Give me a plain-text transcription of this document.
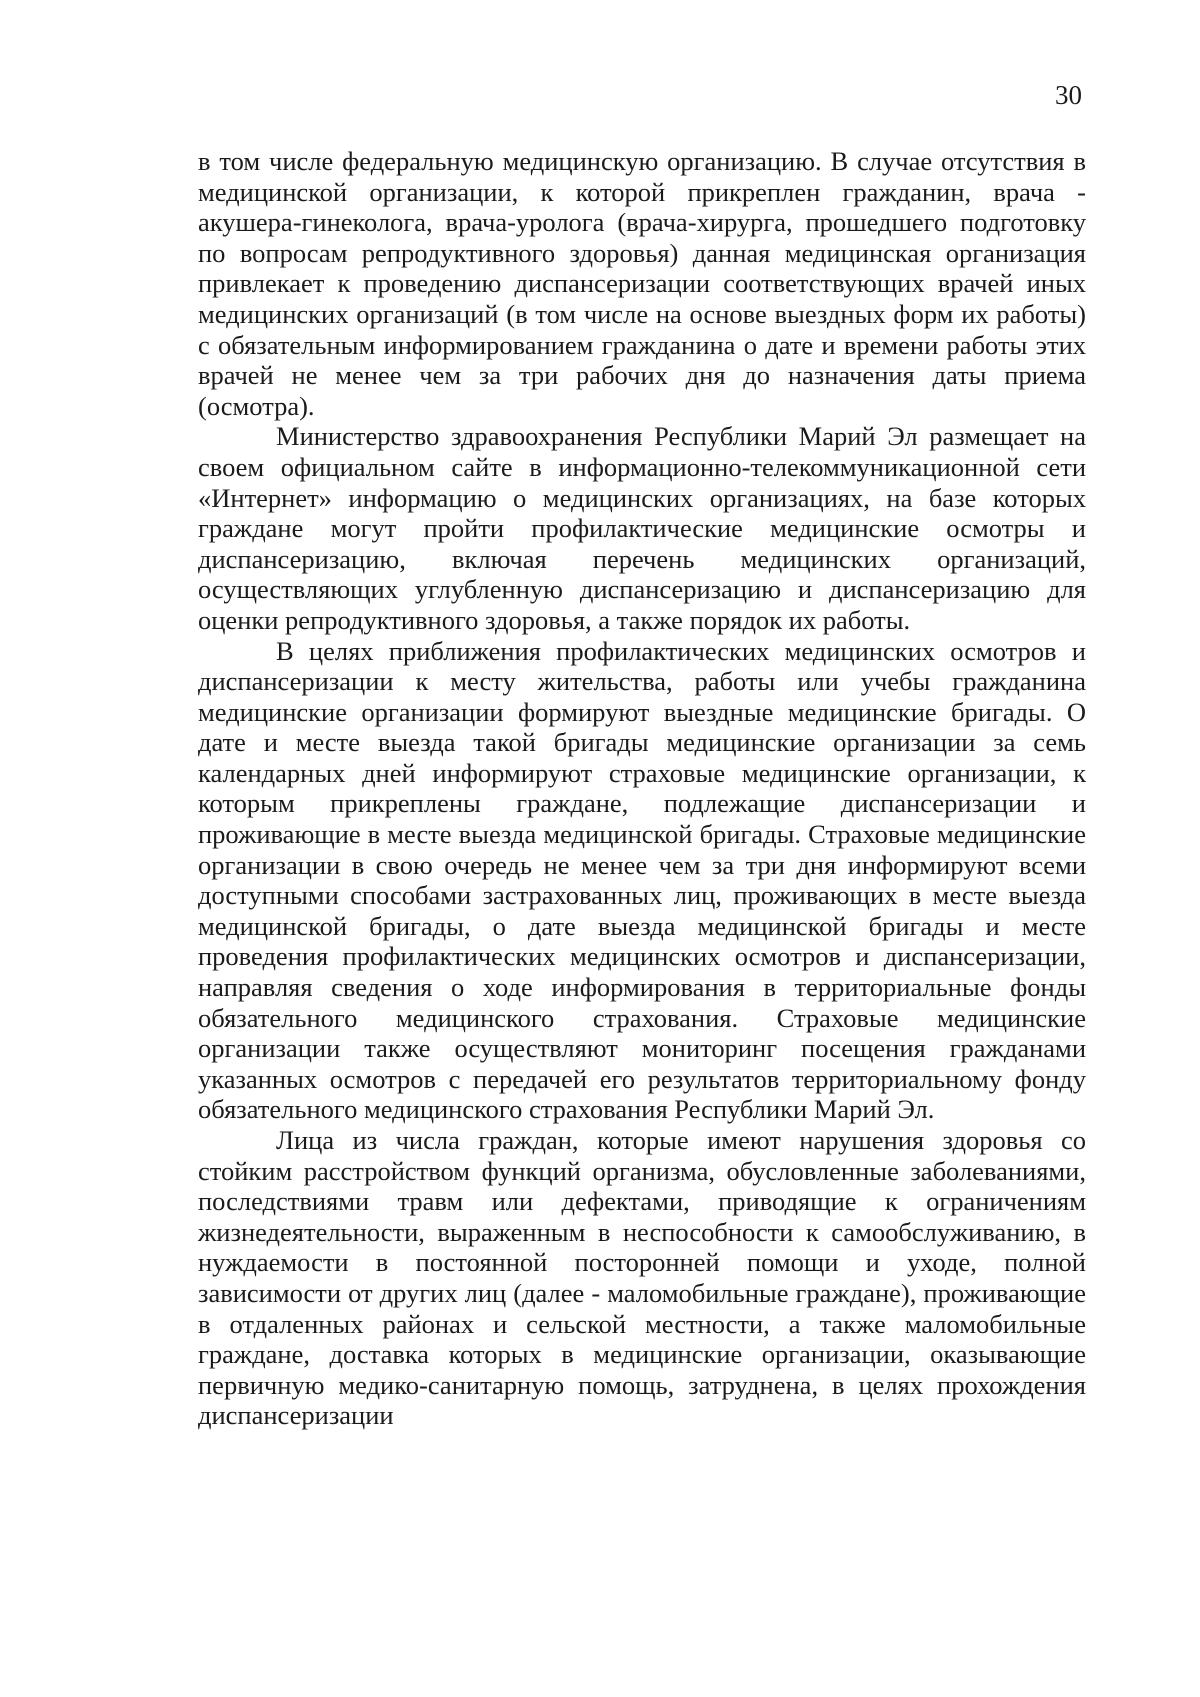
30

в том числе федеральную медицинскую организацию. В случае отсутствия в медицинской организации, к которой прикреплен гражданин, врача - акушера-гинеколога, врача-уролога (врача-хирурга, прошедшего подготовку по вопросам репродуктивного здоровья) данная медицинская организация привлекает к проведению диспансеризации соответствующих врачей иных медицинских организаций (в том числе на основе выездных форм их работы) с обязательным информированием гражданина о дате и времени работы этих врачей не менее чем за три рабочих дня до назначения даты приема (осмотра).

Министерство здравоохранения Республики Марий Эл размещает на своем официальном сайте в информационно-телекоммуникационной сети «Интернет» информацию о медицинских организациях, на базе которых граждане могут пройти профилактические медицинские осмотры и диспансеризацию, включая перечень медицинских организаций, осуществляющих углубленную диспансеризацию и диспансеризацию для оценки репродуктивного здоровья, а также порядок их работы.

В целях приближения профилактических медицинских осмотров и диспансеризации к месту жительства, работы или учебы гражданина медицинские организации формируют выездные медицинские бригады. О дате и месте выезда такой бригады медицинские организации за семь календарных дней информируют страховые медицинские организации, к которым прикреплены граждане, подлежащие диспансеризации и проживающие в месте выезда медицинской бригады. Страховые медицинские организации в свою очередь не менее чем за три дня информируют всеми доступными способами застрахованных лиц, проживающих в месте выезда медицинской бригады, о дате выезда медицинской бригады и месте проведения профилактических медицинских осмотров и диспансеризации, направляя сведения о ходе информирования в территориальные фонды обязательного медицинского страхования. Страховые медицинские организации также осуществляют мониторинг посещения гражданами указанных осмотров с передачей его результатов территориальному фонду обязательного медицинского страхования Республики Марий Эл.

Лица из числа граждан, которые имеют нарушения здоровья со стойким расстройством функций организма, обусловленные заболеваниями, последствиями травм или дефектами, приводящие к ограничениям жизнедеятельности, выраженным в неспособности к самообслуживанию, в нуждаемости в постоянной посторонней помощи и уходе, полной зависимости от других лиц (далее - маломобильные граждане), проживающие в отдаленных районах и сельской местности, а также маломобильные граждане, доставка которых в медицинские организации, оказывающие первичную медико-санитарную помощь, затруднена, в целях прохождения диспансеризации
